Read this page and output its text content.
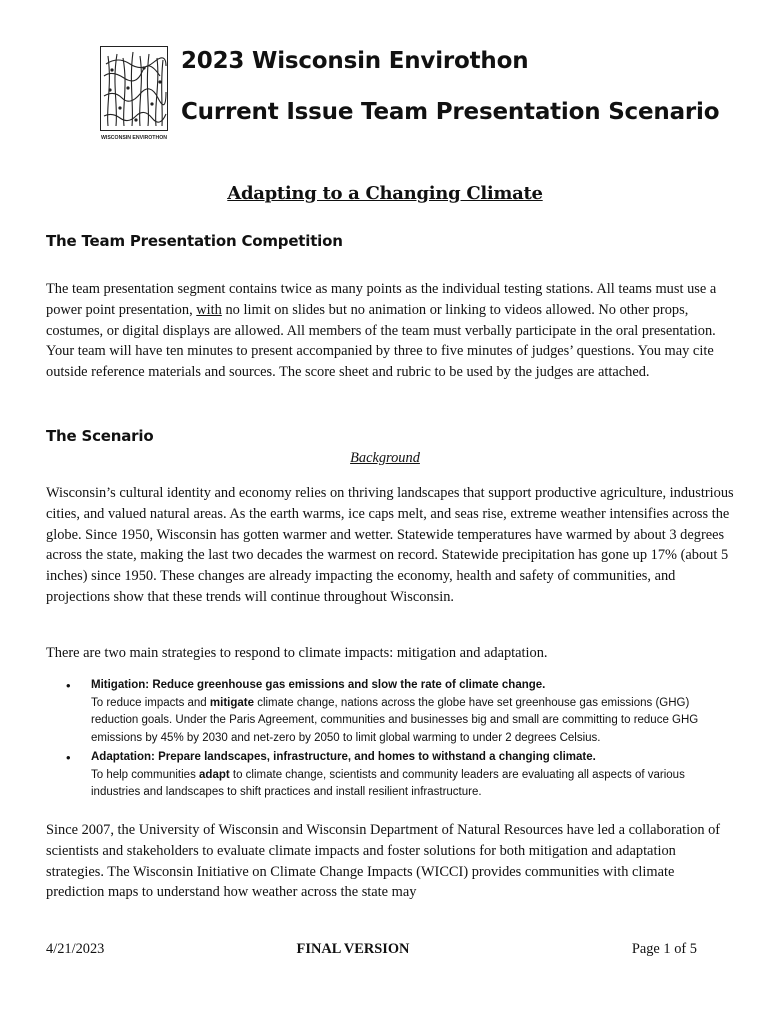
WISCONSIN ENVIROTHON
2023 Wisconsin Envirothon
Current Issue Team Presentation Scenario
Adapting to a Changing Climate
The Team Presentation Competition
The team presentation segment contains twice as many points as the individual testing stations. All teams must use a power point presentation, with no limit on slides but no animation or linking to videos allowed. No other props, costumes, or digital displays are allowed. All members of the team must verbally participate in the oral presentation. Your team will have ten minutes to present accompanied by three to five minutes of judges’ questions. You may cite outside reference materials and sources. The score sheet and rubric to be used by the judges are attached.
The Scenario
Background
Wisconsin’s cultural identity and economy relies on thriving landscapes that support productive agriculture, industrious cities, and valued natural areas. As the earth warms, ice caps melt, and seas rise, extreme weather intensifies across the globe. Since 1950, Wisconsin has gotten warmer and wetter. Statewide temperatures have warmed by about 3 degrees across the state, making the last two decades the warmest on record. Statewide precipitation has gone up 17% (about 5 inches) since 1950. These changes are already impacting the economy, health and safety of communities, and projections show that these trends will continue throughout Wisconsin.
There are two main strategies to respond to climate impacts: mitigation and adaptation.
• Mitigation: Reduce greenhouse gas emissions and slow the rate of climate change.
To reduce impacts and mitigate climate change, nations across the globe have set greenhouse gas emissions (GHG) reduction goals. Under the Paris Agreement, communities and businesses big and small are committing to reduce GHG emissions by 45% by 2030 and net-zero by 2050 to limit global warming to under 2 degrees Celsius.
• Adaptation: Prepare landscapes, infrastructure, and homes to withstand a changing climate.
To help communities adapt to climate change, scientists and community leaders are evaluating all aspects of various industries and landscapes to shift practices and install resilient infrastructure.
Since 2007, the University of Wisconsin and Wisconsin Department of Natural Resources have led a collaboration of scientists and stakeholders to evaluate climate impacts and foster solutions for both mitigation and adaptation strategies. The Wisconsin Initiative on Climate Change Impacts (WICCI) provides communities with climate prediction maps to understand how weather across the state may
4/21/2023	FINAL VERSION	Page 1 of 5
